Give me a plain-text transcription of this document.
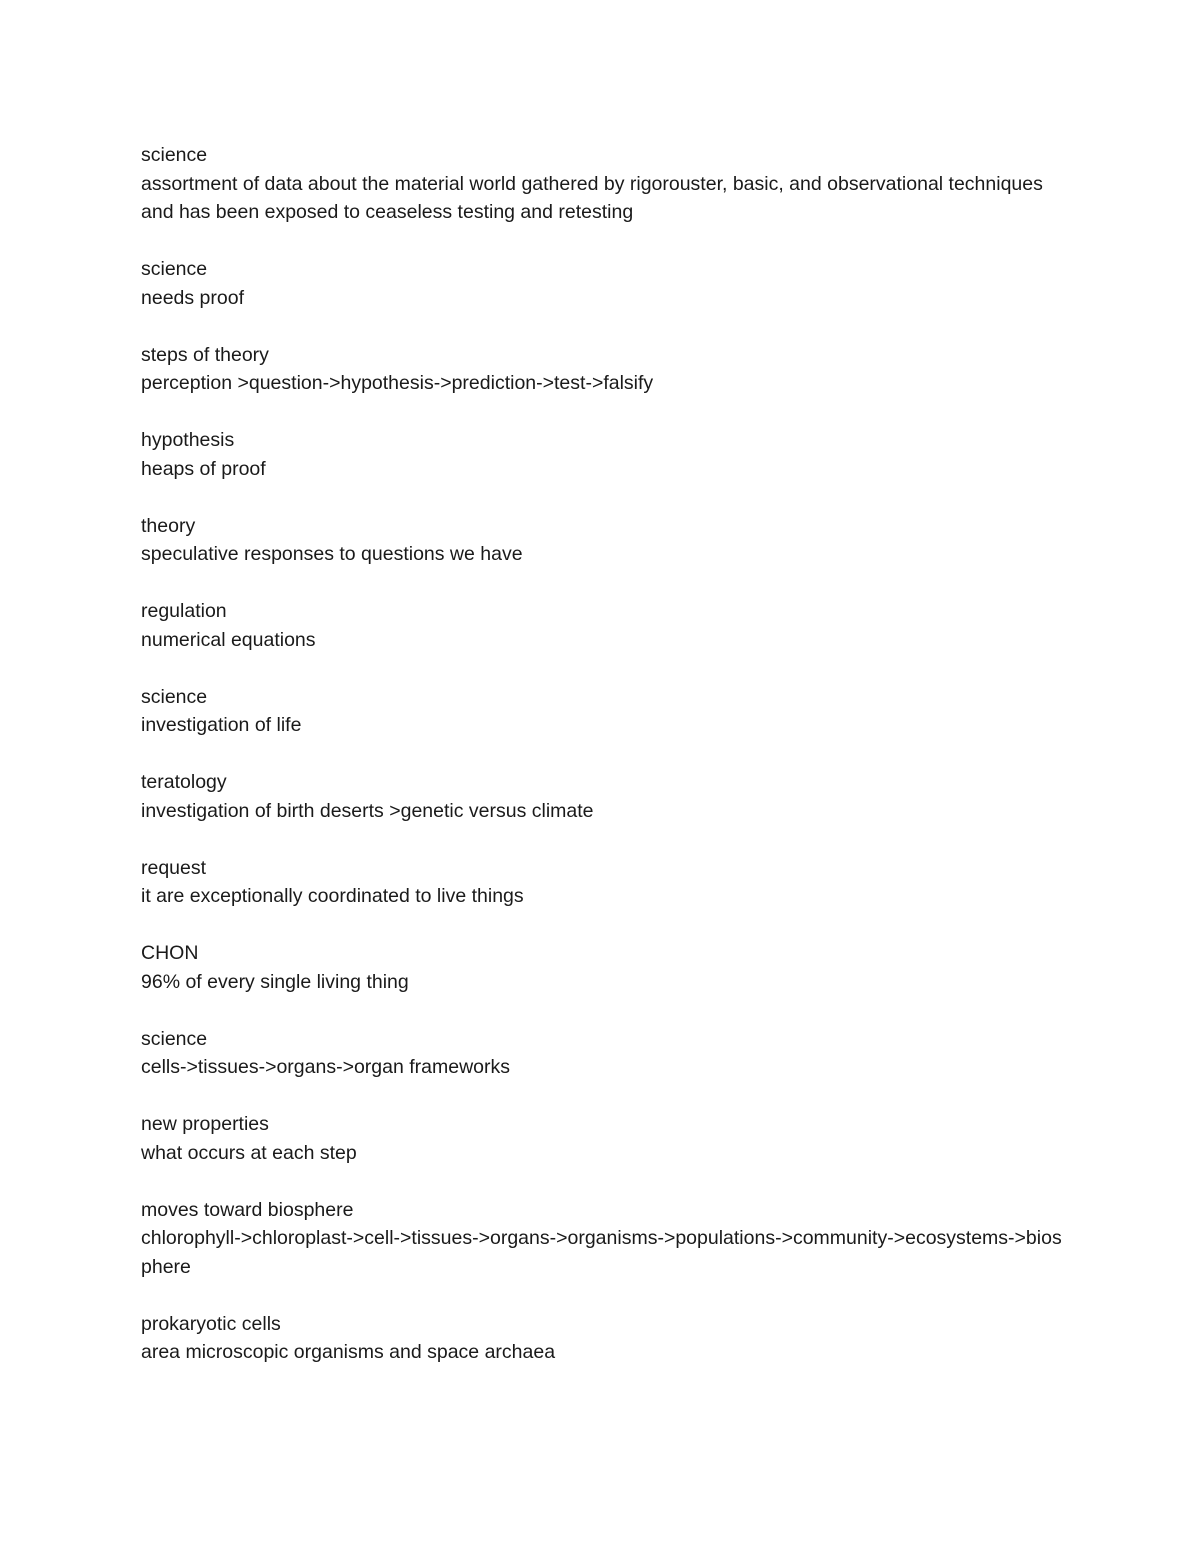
science
assortment of data about the material world gathered by rigorouster, basic, and observational techniques and has been exposed to ceaseless testing and retesting
science
needs proof
steps of theory
perception >question->hypothesis->prediction->test->falsify
hypothesis
heaps of proof
theory
speculative responses to questions we have
regulation
numerical equations
science
investigation of life
teratology
investigation of birth deserts >genetic versus climate
request
it are exceptionally coordinated to live things
CHON
96% of every single living thing
science
cells->tissues->organs->organ frameworks
new properties
what occurs at each step
moves toward biosphere
chlorophyll->chloroplast->cell->tissues->organs->organisms->populations->community->ecosystems->biosphere
prokaryotic cells
area microscopic organisms and space archaea
